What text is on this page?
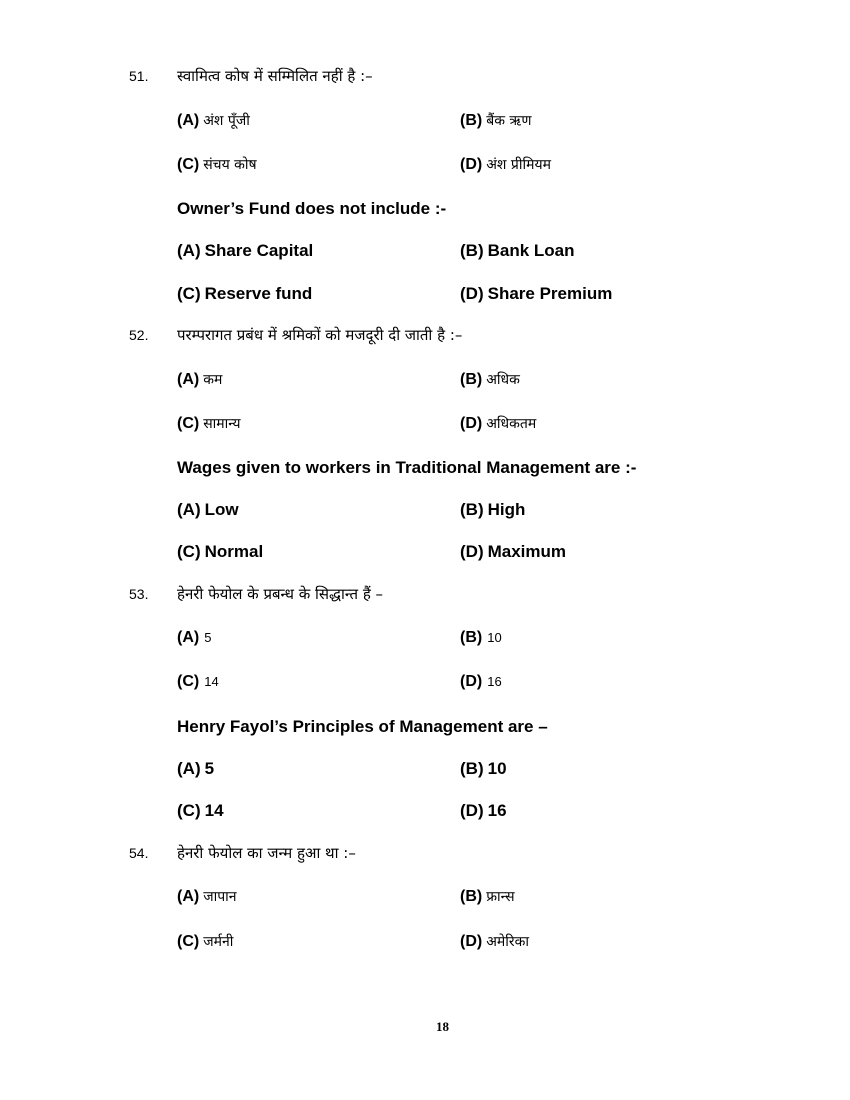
51. स्वामित्व कोष में सम्मिलित नहीं है :–
(A) अंश पूँजी	(B) बैंक ऋण
(C) संचय कोष	(D) अंश प्रीमियम
Owner’s Fund does not include :-
(A) Share Capital	(B) Bank Loan
(C) Reserve fund	(D) Share Premium
52. परम्परागत प्रबंध में श्रमिकों को मजदूरी दी जाती है :–
(A) कम	(B) अधिक
(C) सामान्य	(D) अधिकतम
Wages given to workers in Traditional Management are :-
(A) Low	(B) High
(C) Normal	(D) Maximum
53. हेनरी फेयोल के प्रबन्ध के सिद्धान्त हैं –
(A) 5	(B) 10
(C) 14	(D) 16
Henry Fayol’s Principles of Management are –
(A) 5	(B) 10
(C) 14	(D) 16
54. हेनरी फेयोल का जन्म हुआ था :–
(A) जापान	(B) फ्रान्स
(C) जर्मनी	(D) अमेरिका
18
